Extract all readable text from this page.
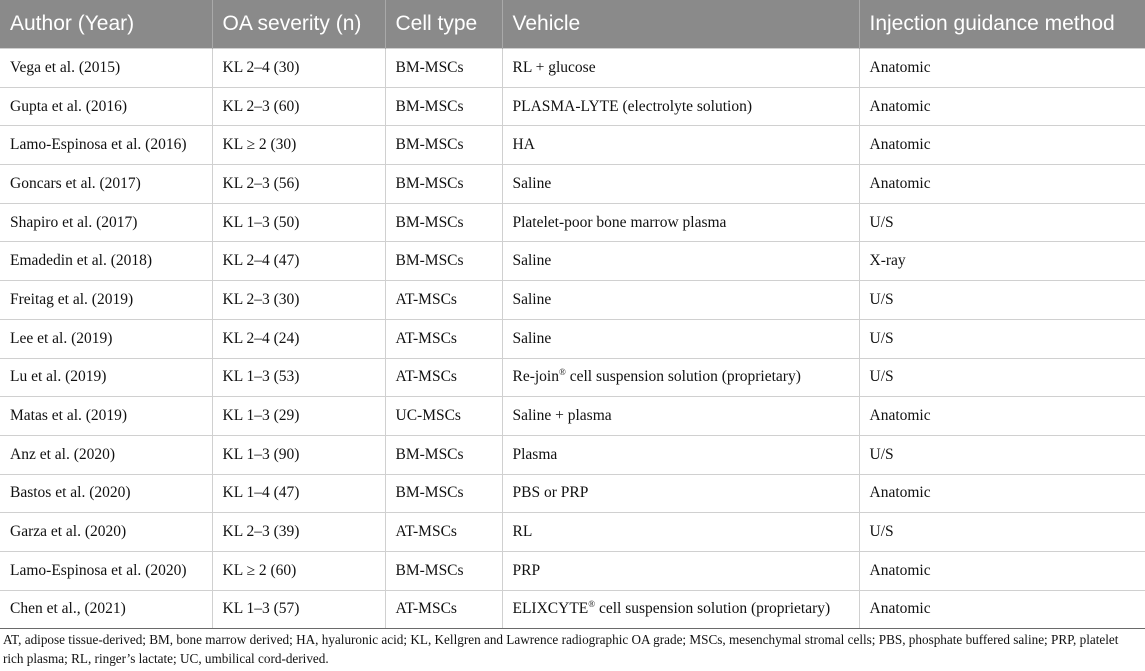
Author (Year)	OA severity (n)	Cell type	Vehicle	Injection guidance method
Vega et al. (2015)	KL 2–4 (30)	BM-MSCs	RL + glucose	Anatomic
Gupta et al. (2016)	KL 2–3 (60)	BM-MSCs	PLASMA-LYTE (electrolyte solution)	Anatomic
Lamo-Espinosa et al. (2016)	KL ≥ 2 (30)	BM-MSCs	HA	Anatomic
Goncars et al. (2017)	KL 2–3 (56)	BM-MSCs	Saline	Anatomic
Shapiro et al. (2017)	KL 1–3 (50)	BM-MSCs	Platelet-poor bone marrow plasma	U/S
Emadedin et al. (2018)	KL 2–4 (47)	BM-MSCs	Saline	X-ray
Freitag et al. (2019)	KL 2–3 (30)	AT-MSCs	Saline	U/S
Lee et al. (2019)	KL 2–4 (24)	AT-MSCs	Saline	U/S
Lu et al. (2019)	KL 1–3 (53)	AT-MSCs	Re-join® cell suspension solution (proprietary)	U/S
Matas et al. (2019)	KL 1–3 (29)	UC-MSCs	Saline + plasma	Anatomic
Anz et al. (2020)	KL 1–3 (90)	BM-MSCs	Plasma	U/S
Bastos et al. (2020)	KL 1–4 (47)	BM-MSCs	PBS or PRP	Anatomic
Garza et al. (2020)	KL 2–3 (39)	AT-MSCs	RL	U/S
Lamo-Espinosa et al. (2020)	KL ≥ 2 (60)	BM-MSCs	PRP	Anatomic
Chen et al., (2021)	KL 1–3 (57)	AT-MSCs	ELIXCYTE® cell suspension solution (proprietary)	Anatomic
AT, adipose tissue-derived; BM, bone marrow derived; HA, hyaluronic acid; KL, Kellgren and Lawrence radiographic OA grade; MSCs, mesenchymal stromal cells; PBS, phosphate buffered saline; PRP, platelet rich plasma; RL, ringer’s lactate; UC, umbilical cord-derived.
